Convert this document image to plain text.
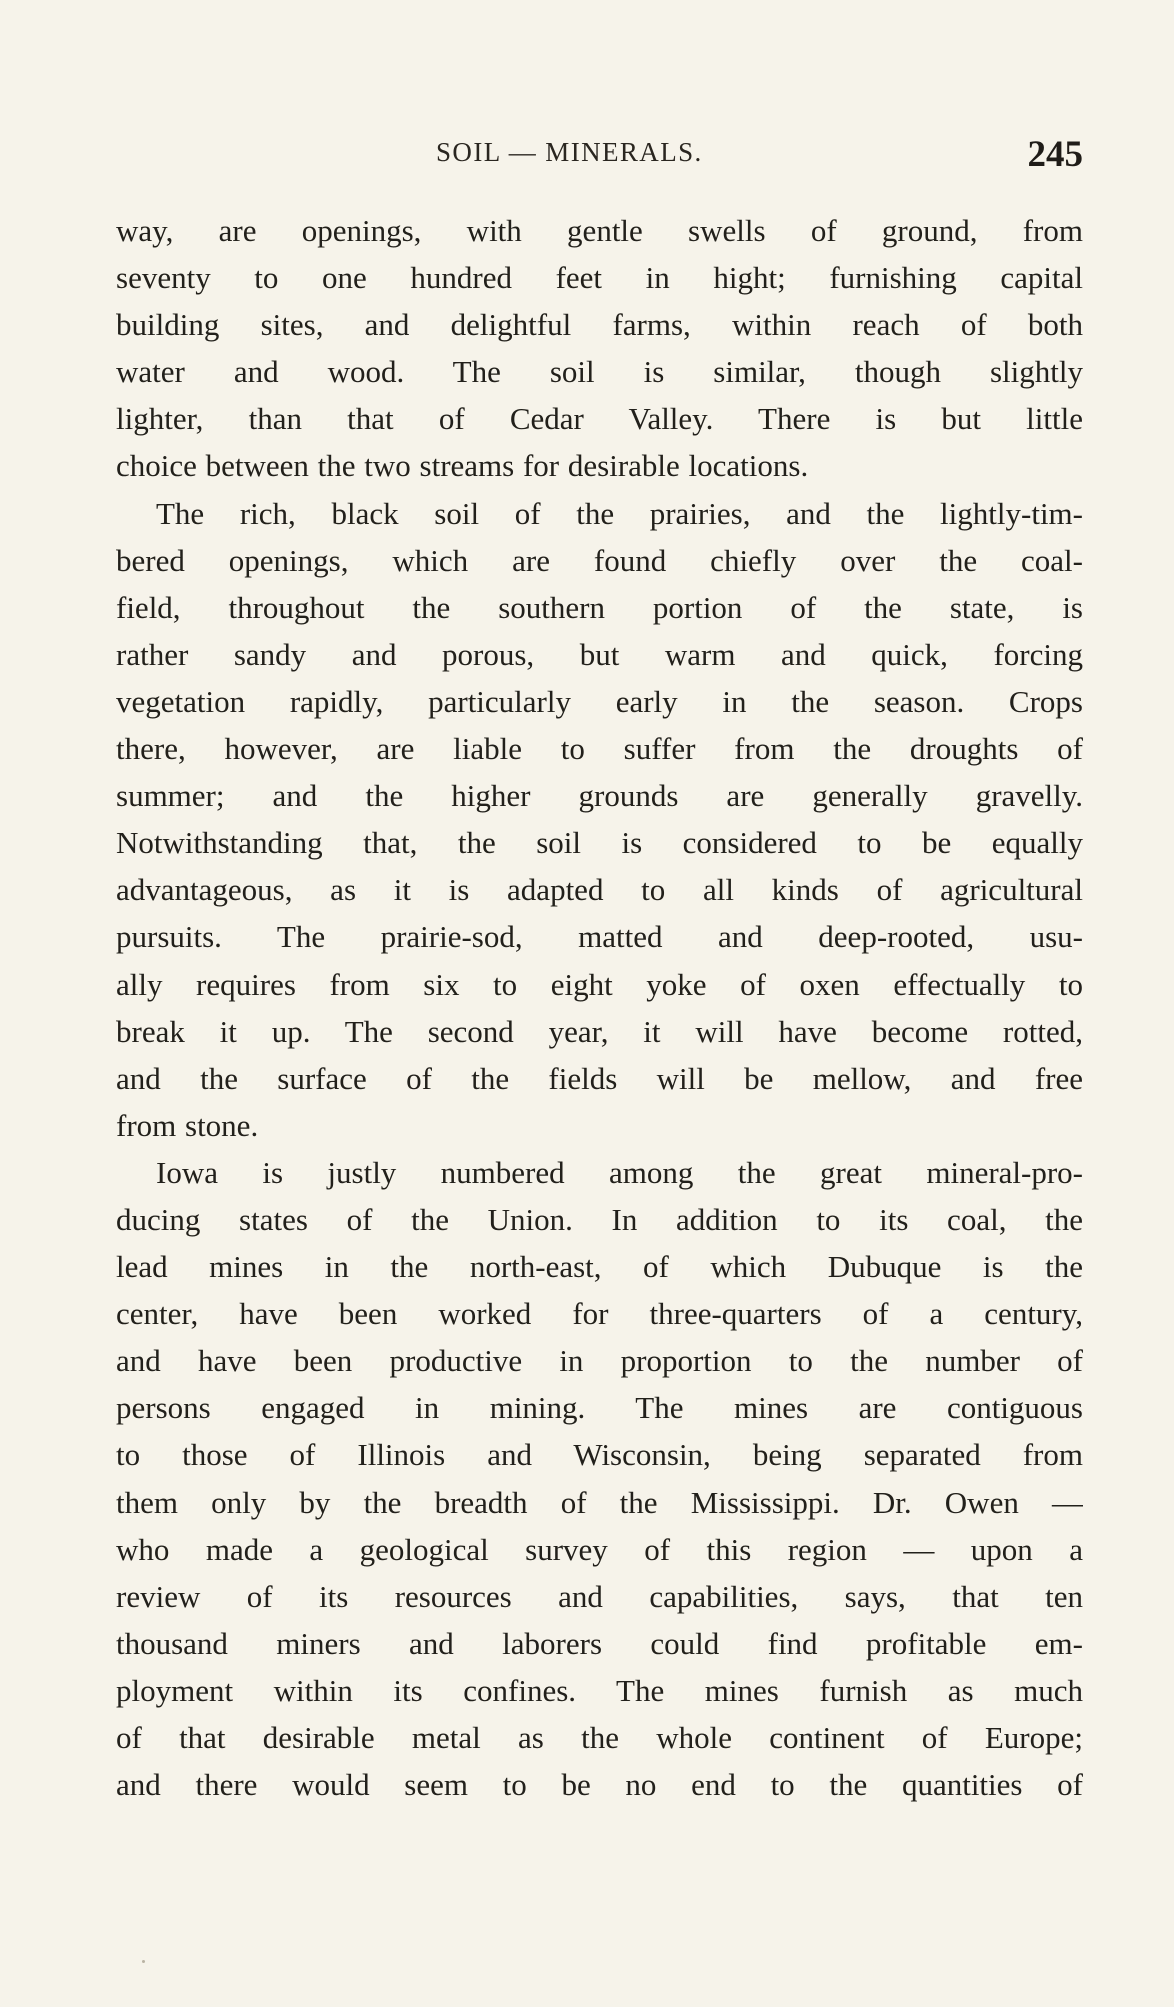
SOIL — MINERALS.	245
way, are openings, with gentle swells of ground, from
seventy to one hundred feet in hight; furnishing capital
building sites, and delightful farms, within reach of both
water and wood. The soil is similar, though slightly
lighter, than that of Cedar Valley. There is but little
choice between the two streams for desirable locations.
The rich, black soil of the prairies, and the lightly-tim-
bered openings, which are found chiefly over the coal-
field, throughout the southern portion of the state, is
rather sandy and porous, but warm and quick, forcing
vegetation rapidly, particularly early in the season. Crops
there, however, are liable to suffer from the droughts of
summer; and the higher grounds are generally gravelly.
Notwithstanding that, the soil is considered to be equally
advantageous, as it is adapted to all kinds of agricultural
pursuits. The prairie-sod, matted and deep-rooted, usu-
ally requires from six to eight yoke of oxen effectually to
break it up. The second year, it will have become rotted,
and the surface of the fields will be mellow, and free
from stone.
Iowa is justly numbered among the great mineral-pro-
ducing states of the Union. In addition to its coal, the
lead mines in the north-east, of which Dubuque is the
center, have been worked for three-quarters of a century,
and have been productive in proportion to the number of
persons engaged in mining. The mines are contiguous
to those of Illinois and Wisconsin, being separated from
them only by the breadth of the Mississippi. Dr. Owen —
who made a geological survey of this region — upon a
review of its resources and capabilities, says, that ten
thousand miners and laborers could find profitable em-
ployment within its confines. The mines furnish as much
of that desirable metal as the whole continent of Europe;
and there would seem to be no end to the quantities of
